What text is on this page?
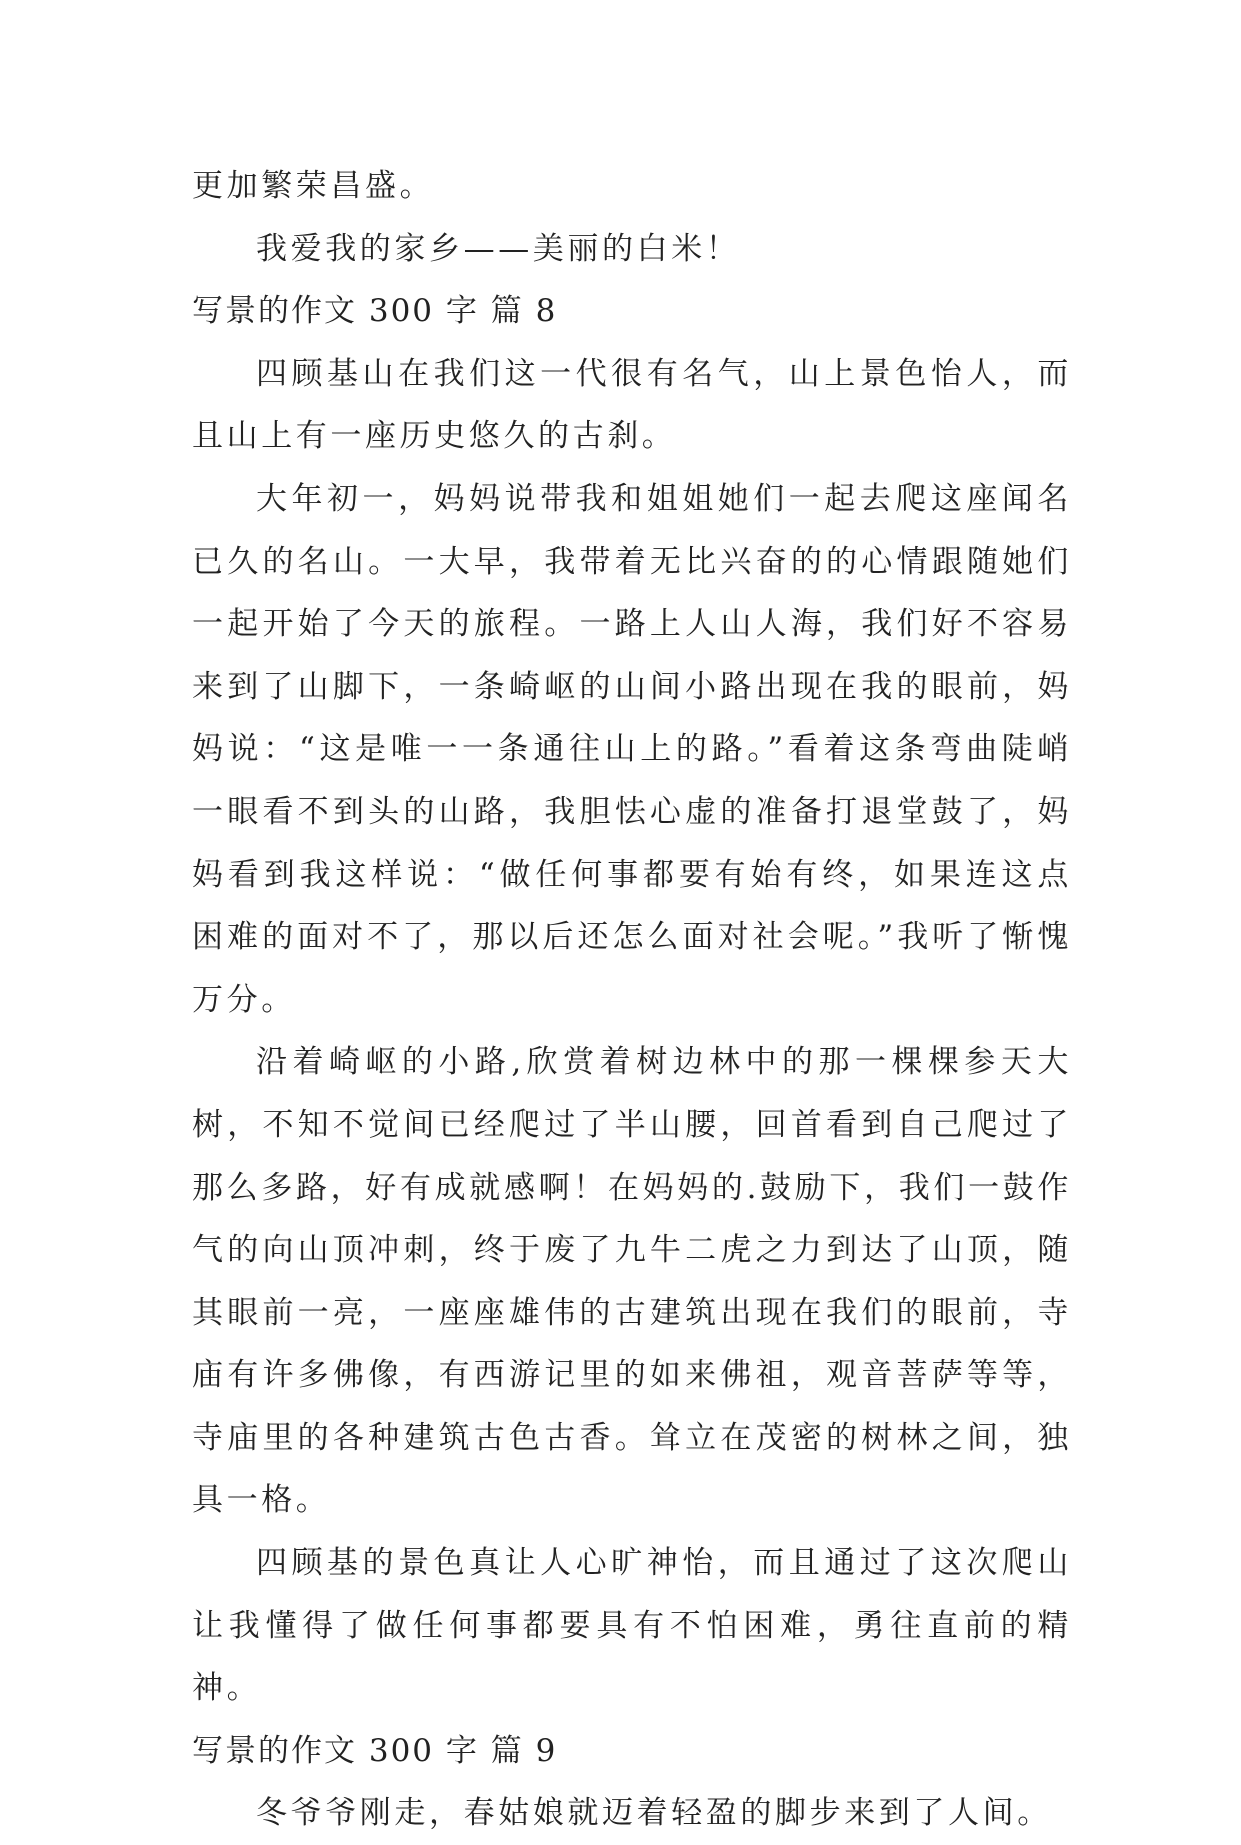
更加繁荣昌盛。

我爱我的家乡——美丽的白米！

写景的作文 300 字 篇 8

四顾基山在我们这一代很有名气，山上景色怡人，而且山上有一座历史悠久的古刹。

大年初一，妈妈说带我和姐姐她们一起去爬这座闻名已久的名山。一大早，我带着无比兴奋的的心情跟随她们一起开始了今天的旅程。一路上人山人海，我们好不容易来到了山脚下，一条崎岖的山间小路出现在我的眼前，妈妈说：“这是唯一一条通往山上的路。”看着这条弯曲陡峭一眼看不到头的山路，我胆怯心虚的准备打退堂鼓了，妈妈看到我这样说：“做任何事都要有始有终，如果连这点困难的面对不了，那以后还怎么面对社会呢。”我听了惭愧万分。

沿着崎岖的小路,欣赏着树边林中的那一棵棵参天大树，不知不觉间已经爬过了半山腰，回首看到自己爬过了那么多路，好有成就感啊！在妈妈的.鼓励下，我们一鼓作气的向山顶冲刺，终于废了九牛二虎之力到达了山顶，随其眼前一亮，一座座雄伟的古建筑出现在我们的眼前，寺庙有许多佛像，有西游记里的如来佛祖，观音菩萨等等，寺庙里的各种建筑古色古香。耸立在茂密的树林之间，独具一格。

四顾基的景色真让人心旷神怡，而且通过了这次爬山让我懂得了做任何事都要具有不怕困难，勇往直前的精神。

写景的作文 300 字 篇 9

冬爷爷刚走，春姑娘就迈着轻盈的脚步来到了人间。
